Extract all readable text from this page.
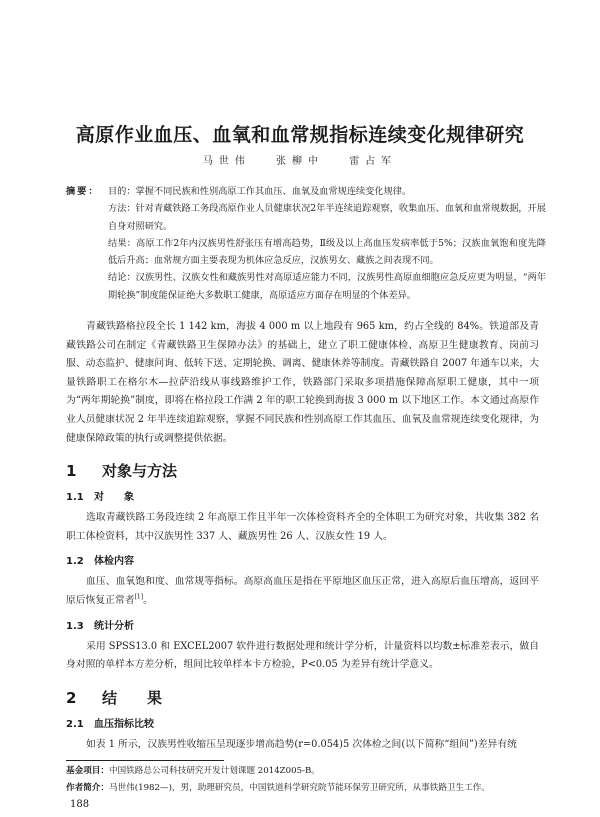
高原作业血压、血氧和血常规指标连续变化规律研究
马世伟	张柳中	雷占军
摘要： 目的：掌握不同民族和性别高原工作其血压、血氧及血常规连续变化规律。

方法：针对青藏铁路工务段高原作业人员健康状况2年半连续追踪观察，收集血压、血氧和血常规数据，开展自身对照研究。

结果：高原工作2年内汉族男性舒张压有增高趋势，Ⅱ级及以上高血压发病率低于5%；汉族血氧饱和度先降低后升高；血常规方面主要表现为机体应急反应，汉族男女、藏族之间表现不同。

结论：汉族男性、汉族女性和藏族男性对高原适应能力不同，汉族男性高原血细胞应急反应更为明显，“两年期轮换”制度能保证绝大多数职工健康，高原适应方面存在明显的个体差异。

青藏铁路格拉段全长 1 142 km，海拔 4 000 m 以上地段有 965 km，约占全线的 84%。铁道部及青藏铁路公司在制定《青藏铁路卫生保障办法》的基础上，建立了职工健康体检、高原卫生健康教育、岗前习服、动态监护、健康问询、低转下送、定期轮换、调离、健康休养等制度。青藏铁路自 2007 年通车以来，大量铁路职工在格尔木—拉萨沿线从事线路维护工作，铁路部门采取多项措施保障高原职工健康，其中一项为“两年期轮换”制度，即将在格拉段工作满 2 年的职工轮换到海拔 3 000 m 以下地区工作。本文通过高原作业人员健康状况 2 年半连续追踪观察，掌握不同民族和性别高原工作其血压、血氧及血常规连续变化规律，为健康保障政策的执行或调整提供依据。

1 对象与方法
1.1 对　　象

选取青藏铁路工务段连续 2 年高原工作且半年一次体检资料齐全的全体职工为研究对象，共收集 382 名职工体检资料，其中汉族男性 337 人、藏族男性 26 人、汉族女性 19 人。

1.2 体检内容

血压、血氧饱和度、血常规等指标。高原高血压是指在平原地区血压正常，进入高原后血压增高，返回平原后恢复正常者[1]。

1.3 统计分析

采用 SPSS13.0 和 EXCEL2007 软件进行数据处理和统计学分析，计量资料以均数±标准差表示，做自身对照的单样本方差分析，组间比较单样本卡方检验，P<0.05 为差异有统计学意义。

2 结　　果
2.1 血压指标比较

如表 1 所示，汉族男性收缩压呈现逐步增高趋势(r=0.054)5 次体检之间(以下简称“组间”)差异有统

基金项目：中国铁路总公司科技研究开发计划课题 2014Z005-B。
作者简介：马世伟(1982—)，男，助理研究员，中国铁道科学研究院节能环保劳卫研究所，从事铁路卫生工作。
188
